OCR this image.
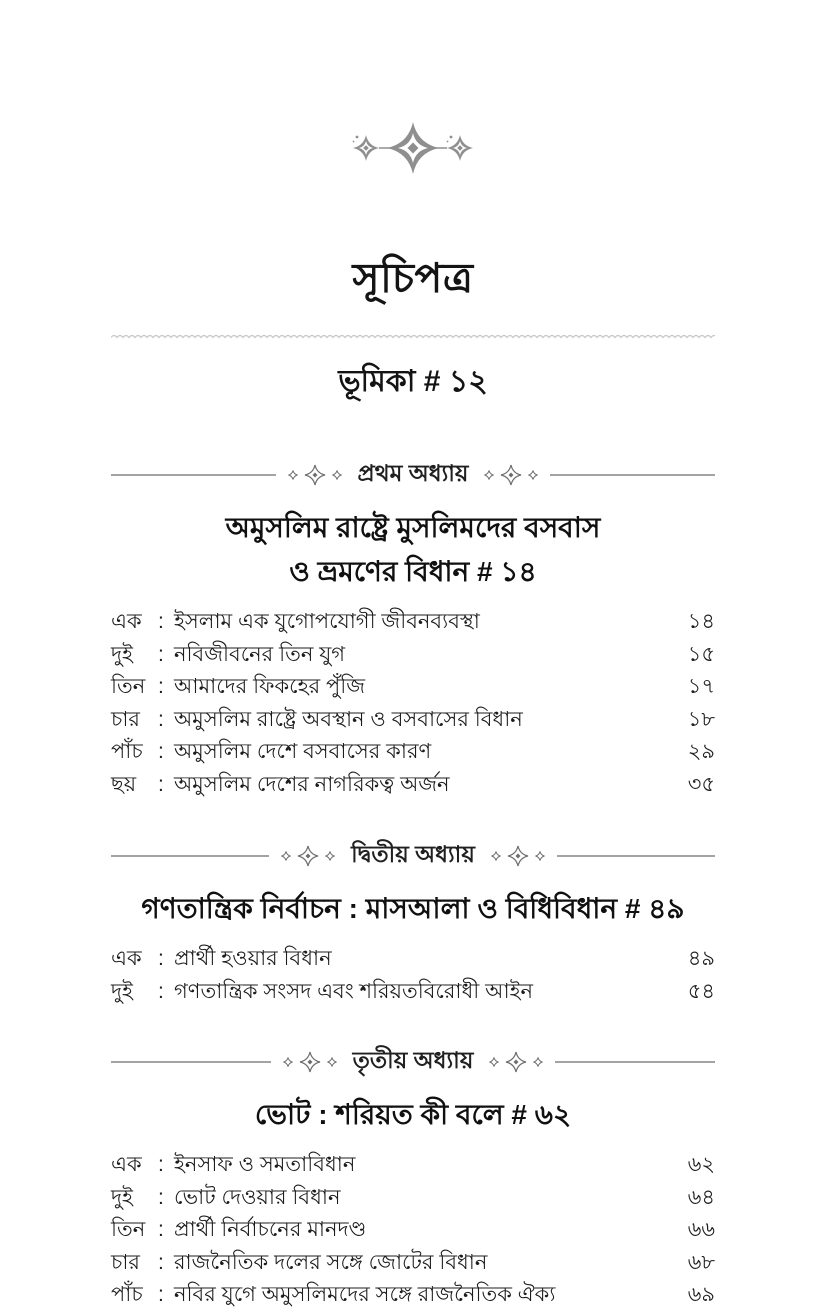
সূচিপত্র
ভূমিকা # ১২
প্রথম অধ্যায়
অমুসলিম রাষ্ট্রে মুসলিমদের বসবাস
ও ভ্রমণের বিধান # ১৪
এক : ইসলাম এক যুগোপযোগী জীবনব্যবস্থা	১৪
দুই	: নবিজীবনের তিন যুগ	১৫
তিন : আমাদের ফিকহের পুঁজি	১৭
চার : অমুসলিম রাষ্ট্রে অবস্থান ও বসবাসের বিধান	১৮
পাঁচ : অমুসলিম দেশে বসবাসের কারণ	২৯
ছয়	: অমুসলিম দেশের নাগরিকত্ব অর্জন	৩৫
দ্বিতীয় অধ্যায়
গণতান্ত্রিক নির্বাচন : মাসআলা ও বিধিবিধান # ৪৯
এক : প্রার্থী হওয়ার বিধান	৪৯
দুই	: গণতান্ত্রিক সংসদ এবং শরিয়তবিরোধী আইন	৫৪
তৃতীয় অধ্যায়
ভোট : শরিয়ত কী বলে # ৬২
এক : ইনসাফ ও সমতাবিধান	৬২
দুই	: ভোট দেওয়ার বিধান	৬৪
তিন : প্রার্থী নির্বাচনের মানদণ্ড	৬৬
চার : রাজনৈতিক দলের সঙ্গে জোটের বিধান	৬৮
পাঁচ : নবির যুগে অমুসলিমদের সঙ্গে রাজনৈতিক ঐক্য	৬৯
